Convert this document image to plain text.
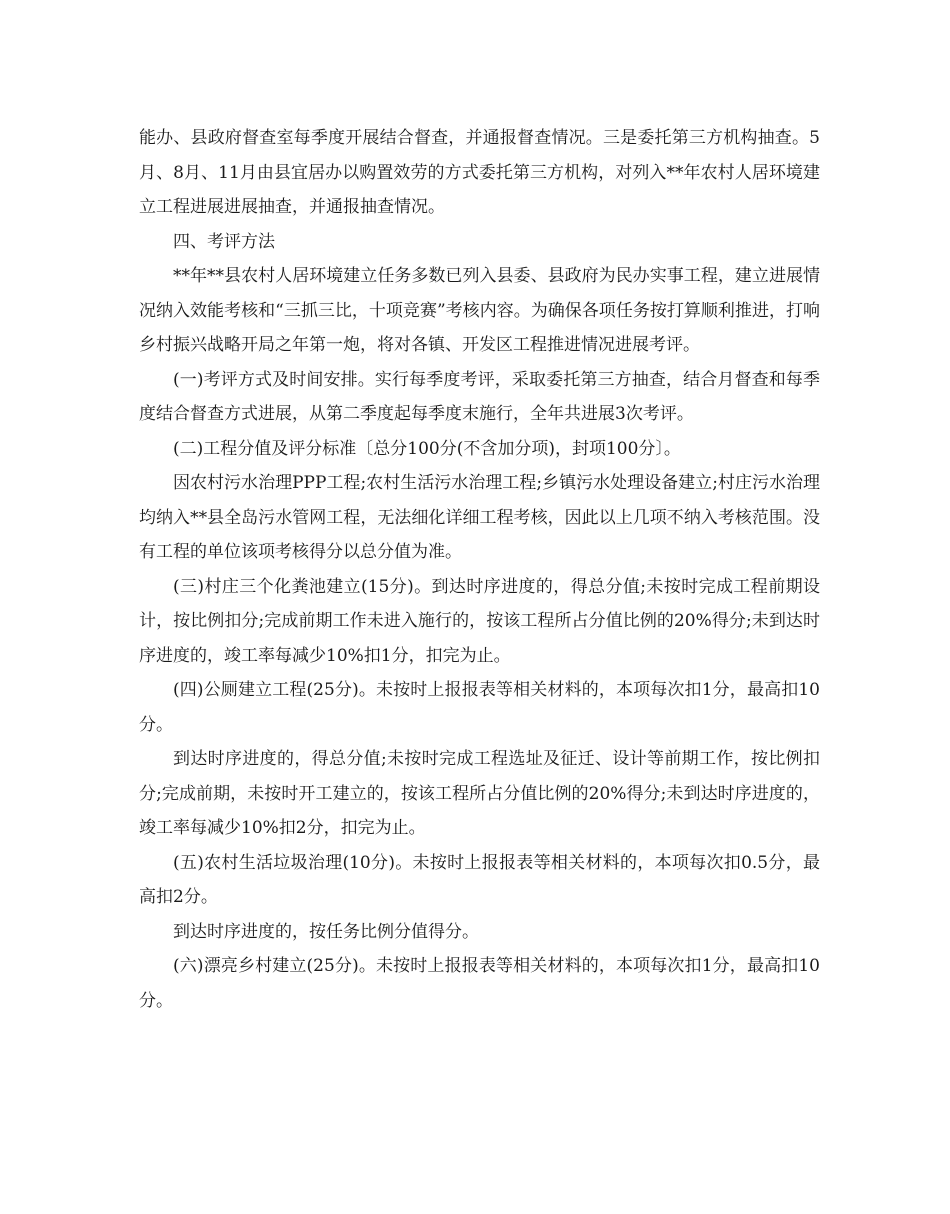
能办、县政府督查室每季度开展结合督查，并通报督查情况。三是委托第三方机构抽查。5月、8月、11月由县宜居办以购置效劳的方式委托第三方机构，对列入**年农村人居环境建立工程进展进展抽查，并通报抽查情况。

四、考评方法

**年**县农村人居环境建立任务多数已列入县委、县政府为民办实事工程，建立进展情况纳入效能考核和“三抓三比，十项竞赛”考核内容。为确保各项任务按打算顺利推进，打响乡村振兴战略开局之年第一炮，将对各镇、开发区工程推进情况进展考评。

(一)考评方式及时间安排。实行每季度考评，采取委托第三方抽查，结合月督查和每季度结合督查方式进展，从第二季度起每季度末施行，全年共进展3次考评。

(二)工程分值及评分标准〔总分100分(不含加分项)，封项100分〕。

因农村污水治理PPP工程;农村生活污水治理工程;乡镇污水处理设备建立;村庄污水治理均纳入**县全岛污水管网工程，无法细化详细工程考核，因此以上几项不纳入考核范围。没有工程的单位该项考核得分以总分值为准。

(三)村庄三个化粪池建立(15分)。到达时序进度的，得总分值;未按时完成工程前期设计，按比例扣分;完成前期工作未进入施行的，按该工程所占分值比例的20%得分;未到达时序进度的，竣工率每减少10%扣1分，扣完为止。

(四)公厕建立工程(25分)。未按时上报报表等相关材料的，本项每次扣1分，最高扣10分。

到达时序进度的，得总分值;未按时完成工程选址及征迁、设计等前期工作，按比例扣分;完成前期，未按时开工建立的，按该工程所占分值比例的20%得分;未到达时序进度的，竣工率每减少10%扣2分，扣完为止。

(五)农村生活垃圾治理(10分)。未按时上报报表等相关材料的，本项每次扣0.5分，最高扣2分。

到达时序进度的，按任务比例分值得分。

(六)漂亮乡村建立(25分)。未按时上报报表等相关材料的，本项每次扣1分，最高扣10分。
